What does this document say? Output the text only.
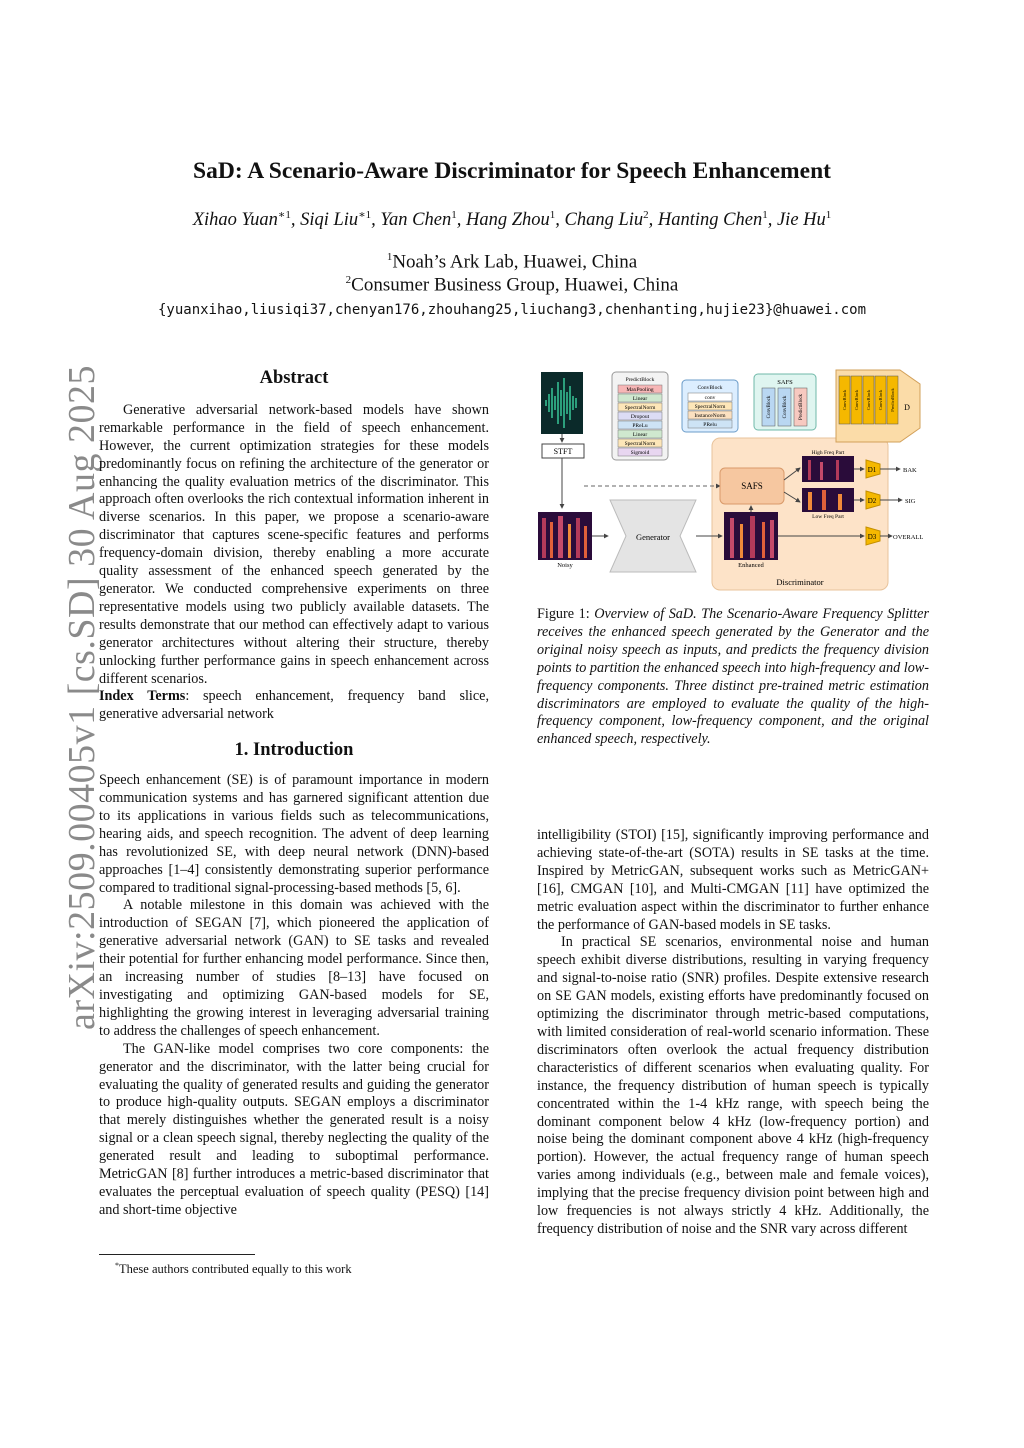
arXiv:2509.00405v1 [cs.SD] 30 Aug 2025
SaD: A Scenario-Aware Discriminator for Speech Enhancement
Xihao Yuan$^{∗1}$, Siqi Liu$^{∗1}$, Yan Chen$^1$, Hang Zhou$^1$, Chang Liu$^2$, Hanting Chen$^1$, Jie Hu$^1$
$^1$Noah’s Ark Lab, Huawei, China
$^2$Consumer Business Group, Huawei, China
{yuanxihao,liusiqi37,chenyan176,zhouhang25,liuchang3,chenhanting,hujie23}@huawei.com

Abstract

Generative adversarial network-based models have shown remarkable performance in the field of speech enhancement. However, the current optimization strategies for these models predominantly focus on refining the architecture of the generator or enhancing the quality evaluation metrics of the discriminator. This approach often overlooks the rich contextual information inherent in diverse scenarios. In this paper, we propose a scenario-aware discriminator that captures scene-specific features and performs frequency-domain division, thereby enabling a more accurate quality assessment of the enhanced speech generated by the generator. We conducted comprehensive experiments on three representative models using two publicly available datasets. The results demonstrate that our method can effectively adapt to various generator architectures without altering their structure, thereby unlocking further performance gains in speech enhancement across different scenarios.

Index Terms: speech enhancement, frequency band slice, generative adversarial network

1. Introduction

Speech enhancement (SE) is of paramount importance in modern communication systems and has garnered significant attention due to its applications in various fields such as telecommunications, hearing aids, and speech recognition. The advent of deep learning has revolutionized SE, with deep neural network (DNN)-based approaches [1–4] consistently demonstrating superior performance compared to traditional signal-processing-based methods [5, 6].

A notable milestone in this domain was achieved with the introduction of SEGAN [7], which pioneered the application of generative adversarial network (GAN) to SE tasks and revealed their potential for further enhancing model performance. Since then, an increasing number of studies [8–13] have focused on investigating and optimizing GAN-based models for SE, highlighting the growing interest in leveraging adversarial training to address the challenges of speech enhancement.

The GAN-like model comprises two core components: the generator and the discriminator, with the latter being crucial for evaluating the quality of generated results and guiding the generator to produce high-quality outputs. SEGAN employs a discriminator that merely distinguishes whether the generated result is a noisy signal or a clean speech signal, thereby neglecting the quality of the generated result and leading to suboptimal performance. MetricGAN [8] further introduces a metric-based discriminator that evaluates the perceptual evaluation of speech quality (PESQ) [14] and short-time objective

*These authors contributed equally to this work
STFT
Noisy
Generator
Enhanced
SAFS
High Freq Part
Low Freq Part
D1	BAK
D2	SIG
D3	OVERALL
Discriminator
PredictBlock
MaxPooling
Linear
SpectralNorm
Dropout
PReLu
Linear
SpectralNorm
Sigmoid
ConvBlock
conv
SpectralNorm
InstanceNorm
PRelu
SAFS
ConvBlock ConvBlock PredictBlock	ConvBlock ConvBlock ConvBlock ConvBlock PredictBlock D

Figure 1: Overview of SaD. The Scenario-Aware Frequency Splitter receives the enhanced speech generated by the Generator and the original noisy speech as inputs, and predicts the frequency division points to partition the enhanced speech into high-frequency and low-frequency components. Three distinct pre-trained metric estimation discriminators are employed to evaluate the quality of the high-frequency component, low-frequency component, and the original enhanced speech, respectively.

intelligibility (STOI) [15], significantly improving performance and achieving state-of-the-art (SOTA) results in SE tasks at the time. Inspired by MetricGAN, subsequent works such as MetricGAN+ [16], CMGAN [10], and Multi-CMGAN [11] have optimized the metric evaluation aspect within the discriminator to further enhance the performance of GAN-based models in SE tasks.

In practical SE scenarios, environmental noise and human speech exhibit diverse distributions, resulting in varying frequency and signal-to-noise ratio (SNR) profiles. Despite extensive research on SE GAN models, existing efforts have predominantly focused on optimizing the discriminator through metric-based computations, with limited consideration of real-world scenario information. These discriminators often overlook the actual frequency distribution characteristics of different scenarios when evaluating quality. For instance, the frequency distribution of human speech is typically concentrated within the 1-4 kHz range, with speech being the dominant component below 4 kHz (low-frequency portion) and noise being the dominant component above 4 kHz (high-frequency portion). However, the actual frequency range of human speech varies among individuals (e.g., between male and female voices), implying that the precise frequency division point between high and low frequencies is not always strictly 4 kHz. Additionally, the frequency distribution of noise and the SNR vary across different
